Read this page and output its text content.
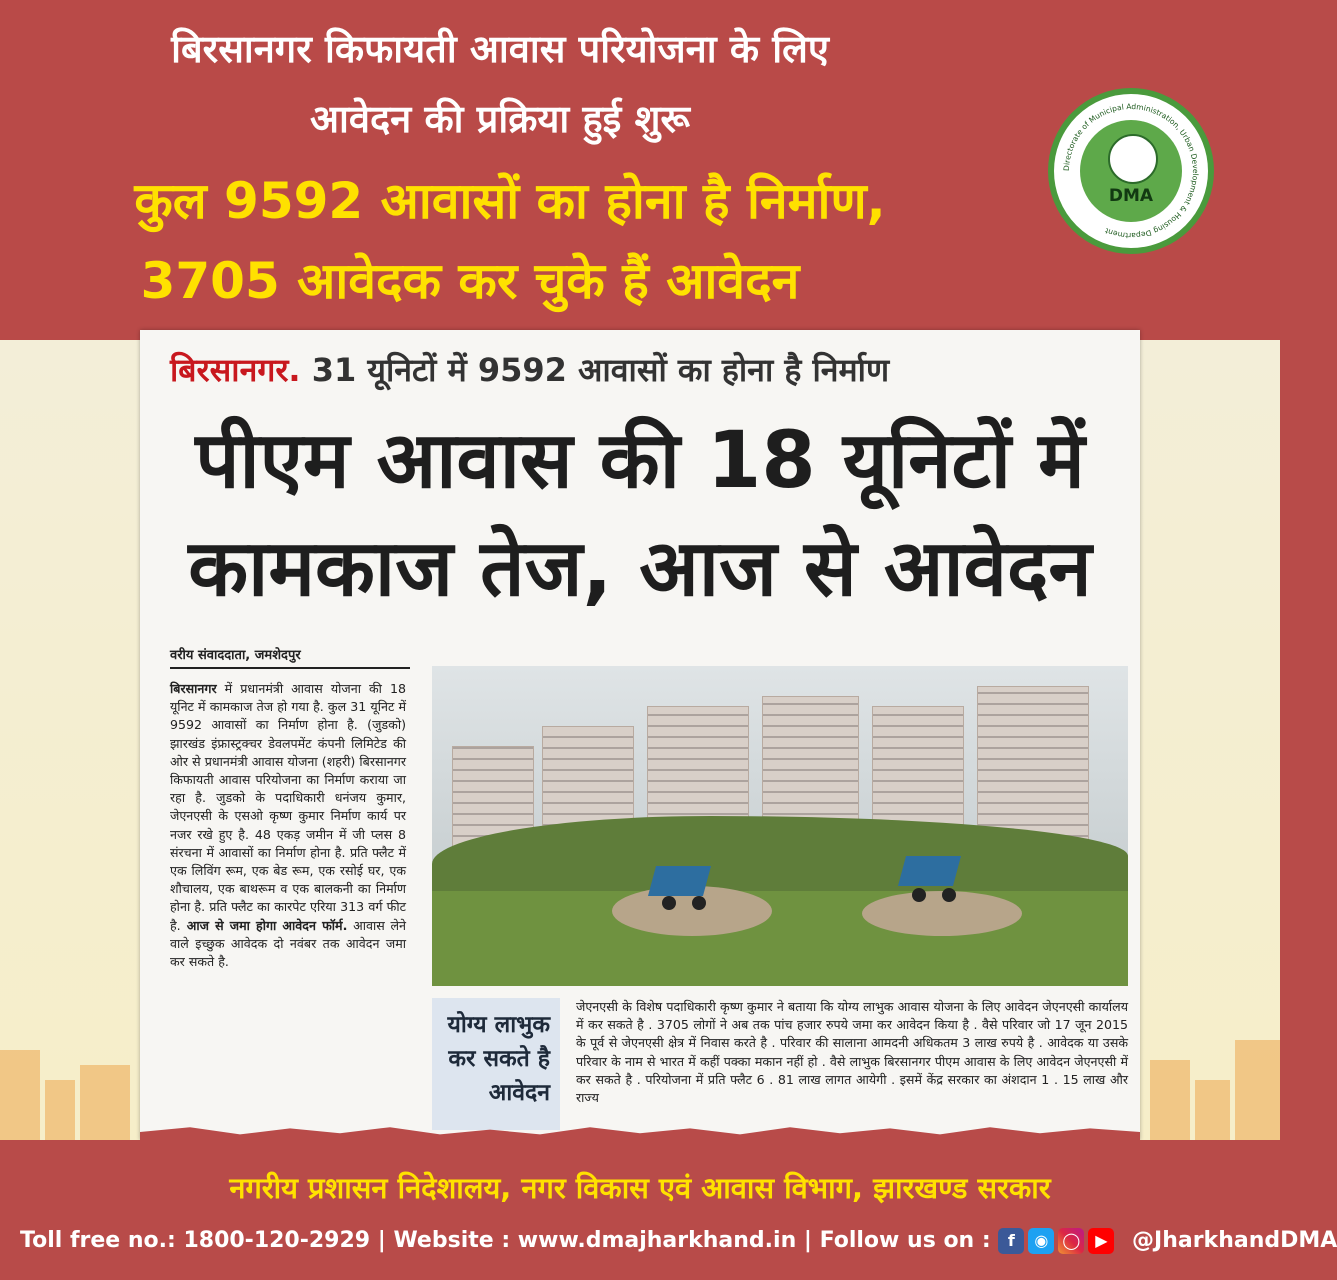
बिरसानगर किफायती आवास परियोजना के लिए
आवेदन की प्रक्रिया हुई शुरू
कुल 9592 आवासों का होना है निर्माण,
3705 आवेदक कर चुके हैं आवेदन
Directorate of Municipal Administration, Urban Development & Housing Department
DMA
बिरसानगर. 31 यूनिटों में 9592 आवासों का होना है निर्माण
पीएम आवास की 18 यूनिटों में
कामकाज तेज, आज से आवेदन
वरीय संवाददाता, जमशेदपुर
बिरसानगर में प्रधानमंत्री आवास योजना की 18 यूनिट में कामकाज तेज हो गया है. कुल 31 यूनिट में 9592 आवासों का निर्माण होना है. (जुडको) झारखंड इंफ्रास्ट्रक्चर डेवलपमेंट कंपनी लिमिटेड की ओर से प्रधानमंत्री आवास योजना (शहरी) बिरसानगर किफायती आवास परियोजना का निर्माण कराया जा रहा है. जुडको के पदाधिकारी धनंजय कुमार, जेएनएसी के एसओ कृष्ण कुमार निर्माण कार्य पर नजर रखे हुए है. 48 एकड़ जमीन में जी प्लस 8 संरचना में आवासों का निर्माण होना है. प्रति फ्लैट में एक लिविंग रूम, एक बेड रूम, एक रसोई घर, एक शौचालय, एक बाथरूम व एक बालकनी का निर्माण होना है. प्रति फ्लैट का कारपेट एरिया 313 वर्ग फीट है. आज से जमा होगा आवेदन फॉर्म. आवास लेने वाले इच्छुक आवेदक दो नवंबर तक आवेदन जमा कर सकते है.
योग्य लाभुक कर सकते है आवेदन
जेएनएसी के विशेष पदाधिकारी कृष्ण कुमार ने बताया कि योग्य लाभुक आवास योजना के लिए आवेदन जेएनएसी कार्यालय में कर सकते है . 3705 लोगों ने अब तक पांच हजार रुपये जमा कर आवेदन किया है . वैसे परिवार जो 17 जून 2015 के पूर्व से जेएनएसी क्षेत्र में निवास करते है . परिवार की सालाना आमदनी अधिकतम 3 लाख रुपये है . आवेदक या उसके परिवार के नाम से भारत में कहीं पक्का मकान नहीं हो . वैसे लाभुक बिरसानगर पीएम आवास के लिए आवेदन जेएनएसी में कर सकते है . परियोजना में प्रति फ्लैट 6 . 81 लाख लागत आयेगी . इसमें केंद्र सरकार का अंशदान 1 . 15 लाख और राज्य
नगरीय प्रशासन निदेशालय, नगर विकास एवं आवास विभाग, झारखण्ड सरकार
Toll free no.: 1800-120-2929 | Website : www.dmajharkhand.in | Follow us on : f ◉ ◯ ▶ @JharkhandDMA
